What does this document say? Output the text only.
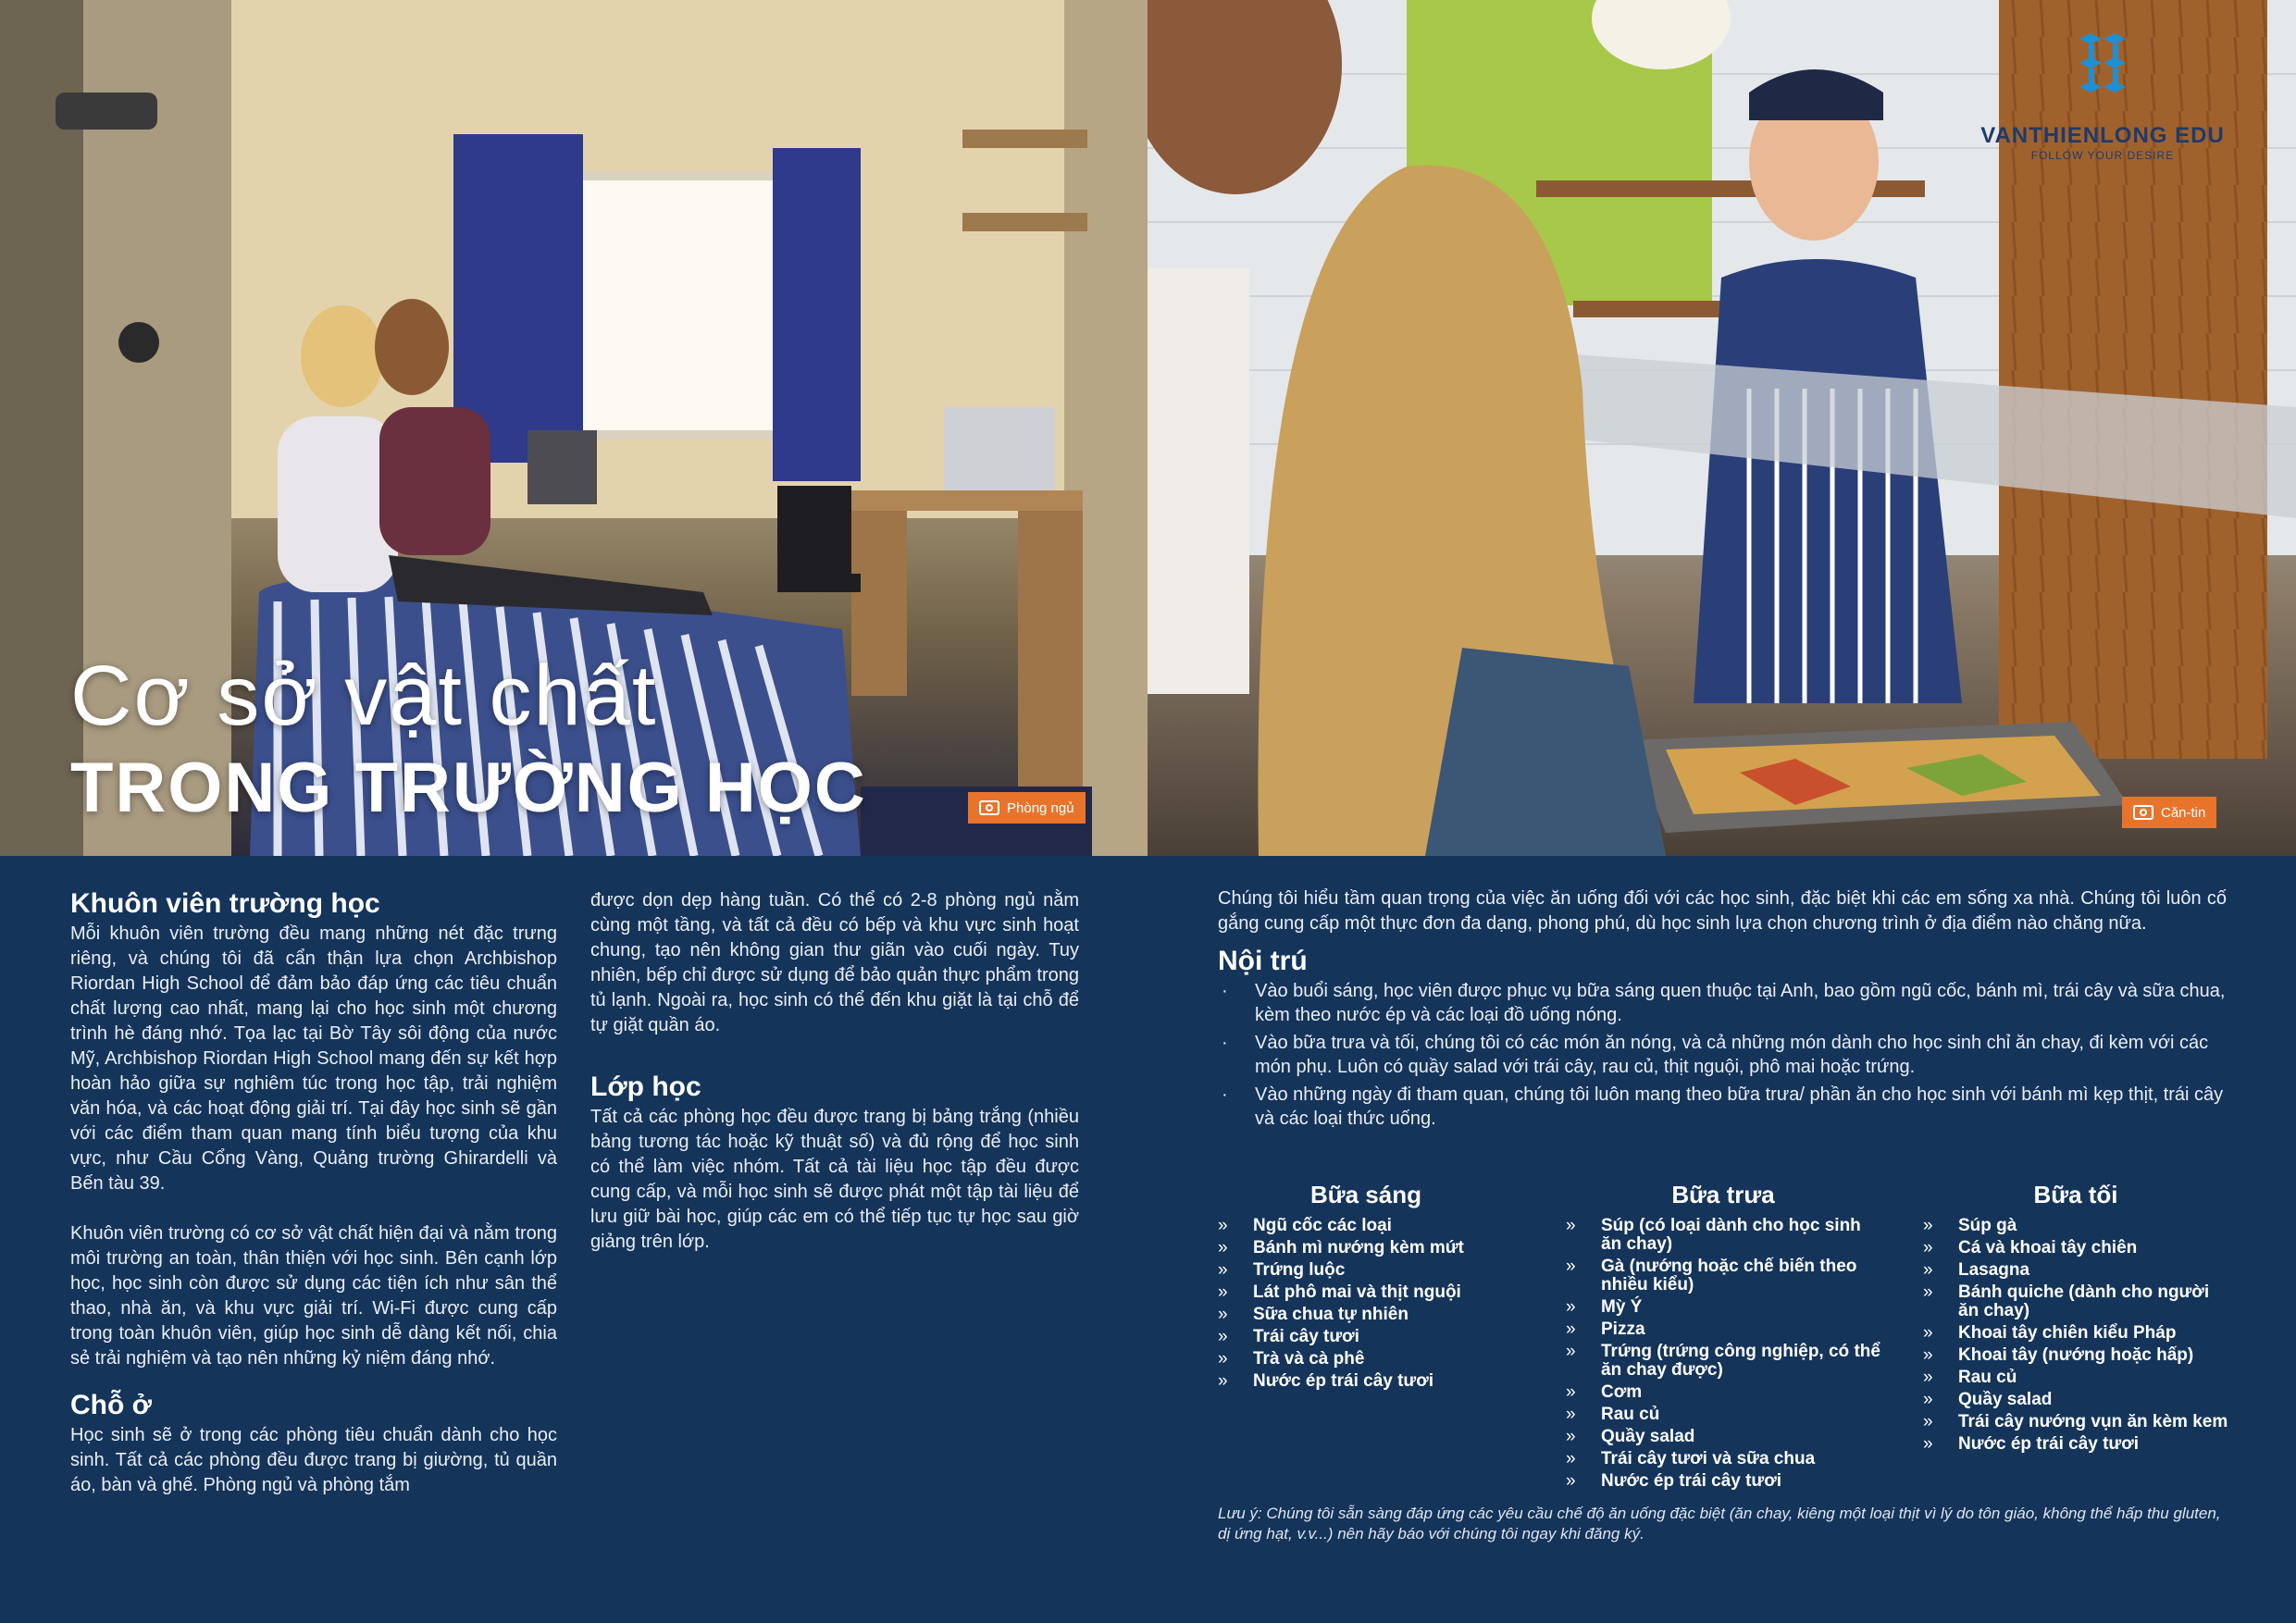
Cơ sở vật chất
TRONG TRƯỜNG HỌC	Phòng ngủ	Căn-tin
VANTHIENLONG EDU
FOLLOW YOUR DESIRE
Khuôn viên trường học

Mỗi khuôn viên trường đều mang những nét đặc trưng riêng, và chúng tôi đã cẩn thận lựa chọn Archbishop Riordan High School để đảm bảo đáp ứng các tiêu chuẩn chất lượng cao nhất, mang lại cho học sinh một chương trình hè đáng nhớ. Tọa lạc tại Bờ Tây sôi động của nước Mỹ, Archbishop Riordan High School mang đến sự kết hợp hoàn hảo giữa sự nghiêm túc trong học tập, trải nghiệm văn hóa, và các hoạt động giải trí. Tại đây học sinh sẽ gần với các điểm tham quan mang tính biểu tượng của khu vực, như Cầu Cổng Vàng, Quảng trường Ghirardelli và Bến tàu 39.

Khuôn viên trường có cơ sở vật chất hiện đại và nằm trong môi trường an toàn, thân thiện với học sinh. Bên cạnh lớp học, học sinh còn được sử dụng các tiện ích như sân thể thao, nhà ăn, và khu vực giải trí. Wi-Fi được cung cấp trong toàn khuôn viên, giúp học sinh dễ dàng kết nối, chia sẻ trải nghiệm và tạo nên những kỷ niệm đáng nhớ.

Chỗ ở

Học sinh sẽ ở trong các phòng tiêu chuẩn dành cho học sinh. Tất cả các phòng đều được trang bị giường, tủ quần áo, bàn và ghế. Phòng ngủ và phòng tắm

được dọn dẹp hàng tuần. Có thể có 2-8 phòng ngủ nằm cùng một tầng, và tất cả đều có bếp và khu vực sinh hoạt chung, tạo nên không gian thư giãn vào cuối ngày. Tuy nhiên, bếp chỉ được sử dụng để bảo quản thực phẩm trong tủ lạnh. Ngoài ra, học sinh có thể đến khu giặt là tại chỗ để tự giặt quần áo.

Lớp học

Tất cả các phòng học đều được trang bị bảng trắng (nhiều bảng tương tác hoặc kỹ thuật số) và đủ rộng để học sinh có thể làm việc nhóm. Tất cả tài liệu học tập đều được cung cấp, và mỗi học sinh sẽ được phát một tập tài liệu để lưu giữ bài học, giúp các em có thể tiếp tục tự học sau giờ giảng trên lớp.

Chúng tôi hiểu tầm quan trọng của việc ăn uống đối với các học sinh, đặc biệt khi các em sống xa nhà. Chúng tôi luôn cố gắng cung cấp một thực đơn đa dạng, phong phú, dù học sinh lựa chọn chương trình ở địa điểm nào chăng nữa.

Nội trú
· Vào buổi sáng, học viên được phục vụ bữa sáng quen thuộc tại Anh, bao gồm ngũ cốc, bánh mì, trái cây và sữa chua, kèm theo nước ép và các loại đồ uống nóng.
· Vào bữa trưa và tối, chúng tôi có các món ăn nóng, và cả những món dành cho học sinh chỉ ăn chay, đi kèm với các món phụ. Luôn có quầy salad với trái cây, rau củ, thịt nguội, phô mai hoặc trứng.
· Vào những ngày đi tham quan, chúng tôi luôn mang theo bữa trưa/ phần ăn cho học sinh với bánh mì kẹp thịt, trái cây và các loại thức uống.
Bữa sáng
» Ngũ cốc các loại
» Bánh mì nướng kèm mứt
» Trứng luộc
» Lát phô mai và thịt nguội
» Sữa chua tự nhiên
» Trái cây tươi
» Trà và cà phê
» Nước ép trái cây tươi
Bữa trưa
» Súp (có loại dành cho học sinh ăn chay)
» Gà (nướng hoặc chế biến theo nhiều kiểu)
» Mỳ Ý
» Pizza
» Trứng (trứng công nghiệp, có thể ăn chay được)
» Cơm
» Rau củ
» Quầy salad
» Trái cây tươi và sữa chua
» Nước ép trái cây tươi
Bữa tối
» Súp gà
» Cá và khoai tây chiên
» Lasagna
» Bánh quiche (dành cho người ăn chay)
» Khoai tây chiên kiểu Pháp
» Khoai tây (nướng hoặc hấp)
» Rau củ
» Quầy salad
» Trái cây nướng vụn ăn kèm kem
» Nước ép trái cây tươi
Lưu ý: Chúng tôi sẵn sàng đáp ứng các yêu cầu chế độ ăn uống đặc biệt (ăn chay, kiêng một loại thịt vì lý do tôn giáo, không thể hấp thu gluten, dị ứng hạt, v.v...) nên hãy báo với chúng tôi ngay khi đăng ký.
